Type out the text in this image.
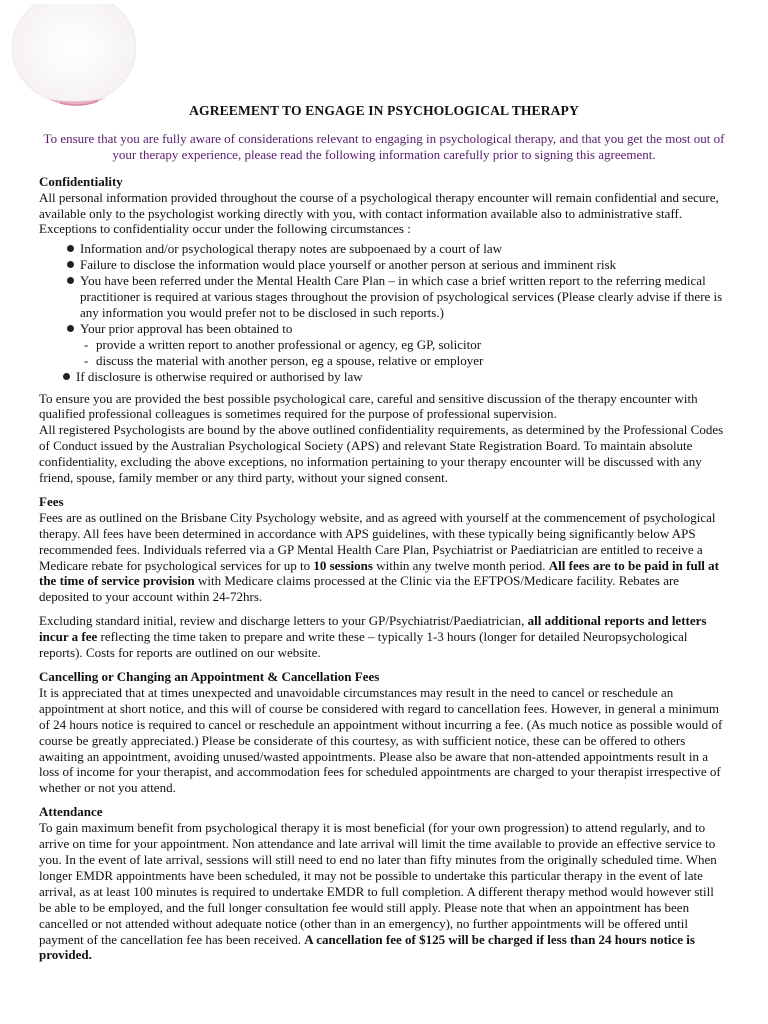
AGREEMENT TO ENGAGE IN PSYCHOLOGICAL THERAPY

To ensure that you are fully aware of considerations relevant to engaging in psychological therapy, and that you get the most out of your therapy experience, please read the following information carefully prior to signing this agreement.

Confidentiality

All personal information provided throughout the course of a psychological therapy encounter will remain confidential and secure, available only to the psychologist working directly with you, with contact information available also to administrative staff. Exceptions to confidentiality occur under the following circumstances :

Information and/or psychological therapy notes are subpoenaed by a court of law
Failure to disclose the information would place yourself or another person at serious and imminent risk
You have been referred under the Mental Health Care Plan – in which case a brief written report to the referring medical practitioner is required at various stages throughout the provision of psychological services (Please clearly advise if there is any information you would prefer not to be disclosed in such reports.)
Your prior approval has been obtained to
- provide a written report to another professional or agency, eg GP, solicitor
- discuss the material with another person, eg a spouse, relative or employer
If disclosure is otherwise required or authorised by law

To ensure you are provided the best possible psychological care, careful and sensitive discussion of the therapy encounter with qualified professional colleagues is sometimes required for the purpose of professional supervision.

All registered Psychologists are bound by the above outlined confidentiality requirements, as determined by the Professional Codes of Conduct issued by the Australian Psychological Society (APS) and relevant State Registration Board. To maintain absolute confidentiality, excluding the above exceptions, no information pertaining to your therapy encounter will be discussed with any friend, spouse, family member or any third party, without your signed consent.

Fees

Fees are as outlined on the Brisbane City Psychology website, and as agreed with yourself at the commencement of psychological therapy. All fees have been determined in accordance with APS guidelines, with these typically being significantly below APS recommended fees. Individuals referred via a GP Mental Health Care Plan, Psychiatrist or Paediatrician are entitled to receive a Medicare rebate for psychological services for up to 10 sessions within any twelve month period. All fees are to be paid in full at the time of service provision with Medicare claims processed at the Clinic via the EFTPOS/Medicare facility. Rebates are deposited to your account within 24-72hrs.

Excluding standard initial, review and discharge letters to your GP/Psychiatrist/Paediatrician, all additional reports and letters incur a fee reflecting the time taken to prepare and write these – typically 1-3 hours (longer for detailed Neuropsychological reports). Costs for reports are outlined on our website.

Cancelling or Changing an Appointment & Cancellation Fees

It is appreciated that at times unexpected and unavoidable circumstances may result in the need to cancel or reschedule an appointment at short notice, and this will of course be considered with regard to cancellation fees. However, in general a minimum of 24 hours notice is required to cancel or reschedule an appointment without incurring a fee. (As much notice as possible would of course be greatly appreciated.) Please be considerate of this courtesy, as with sufficient notice, these can be offered to others awaiting an appointment, avoiding unused/wasted appointments. Please also be aware that non-attended appointments result in a loss of income for your therapist, and accommodation fees for scheduled appointments are charged to your therapist irrespective of whether or not you attend.

Attendance

To gain maximum benefit from psychological therapy it is most beneficial (for your own progression) to attend regularly, and to arrive on time for your appointment. Non attendance and late arrival will limit the time available to provide an effective service to you. In the event of late arrival, sessions will still need to end no later than fifty minutes from the originally scheduled time. When longer EMDR appointments have been scheduled, it may not be possible to undertake this particular therapy in the event of late arrival, as at least 100 minutes is required to undertake EMDR to full completion. A different therapy method would however still be able to be employed, and the full longer consultation fee would still apply. Please note that when an appointment has been cancelled or not attended without adequate notice (other than in an emergency), no further appointments will be offered until payment of the cancellation fee has been received. A cancellation fee of $125 will be charged if less than 24 hours notice is provided.
